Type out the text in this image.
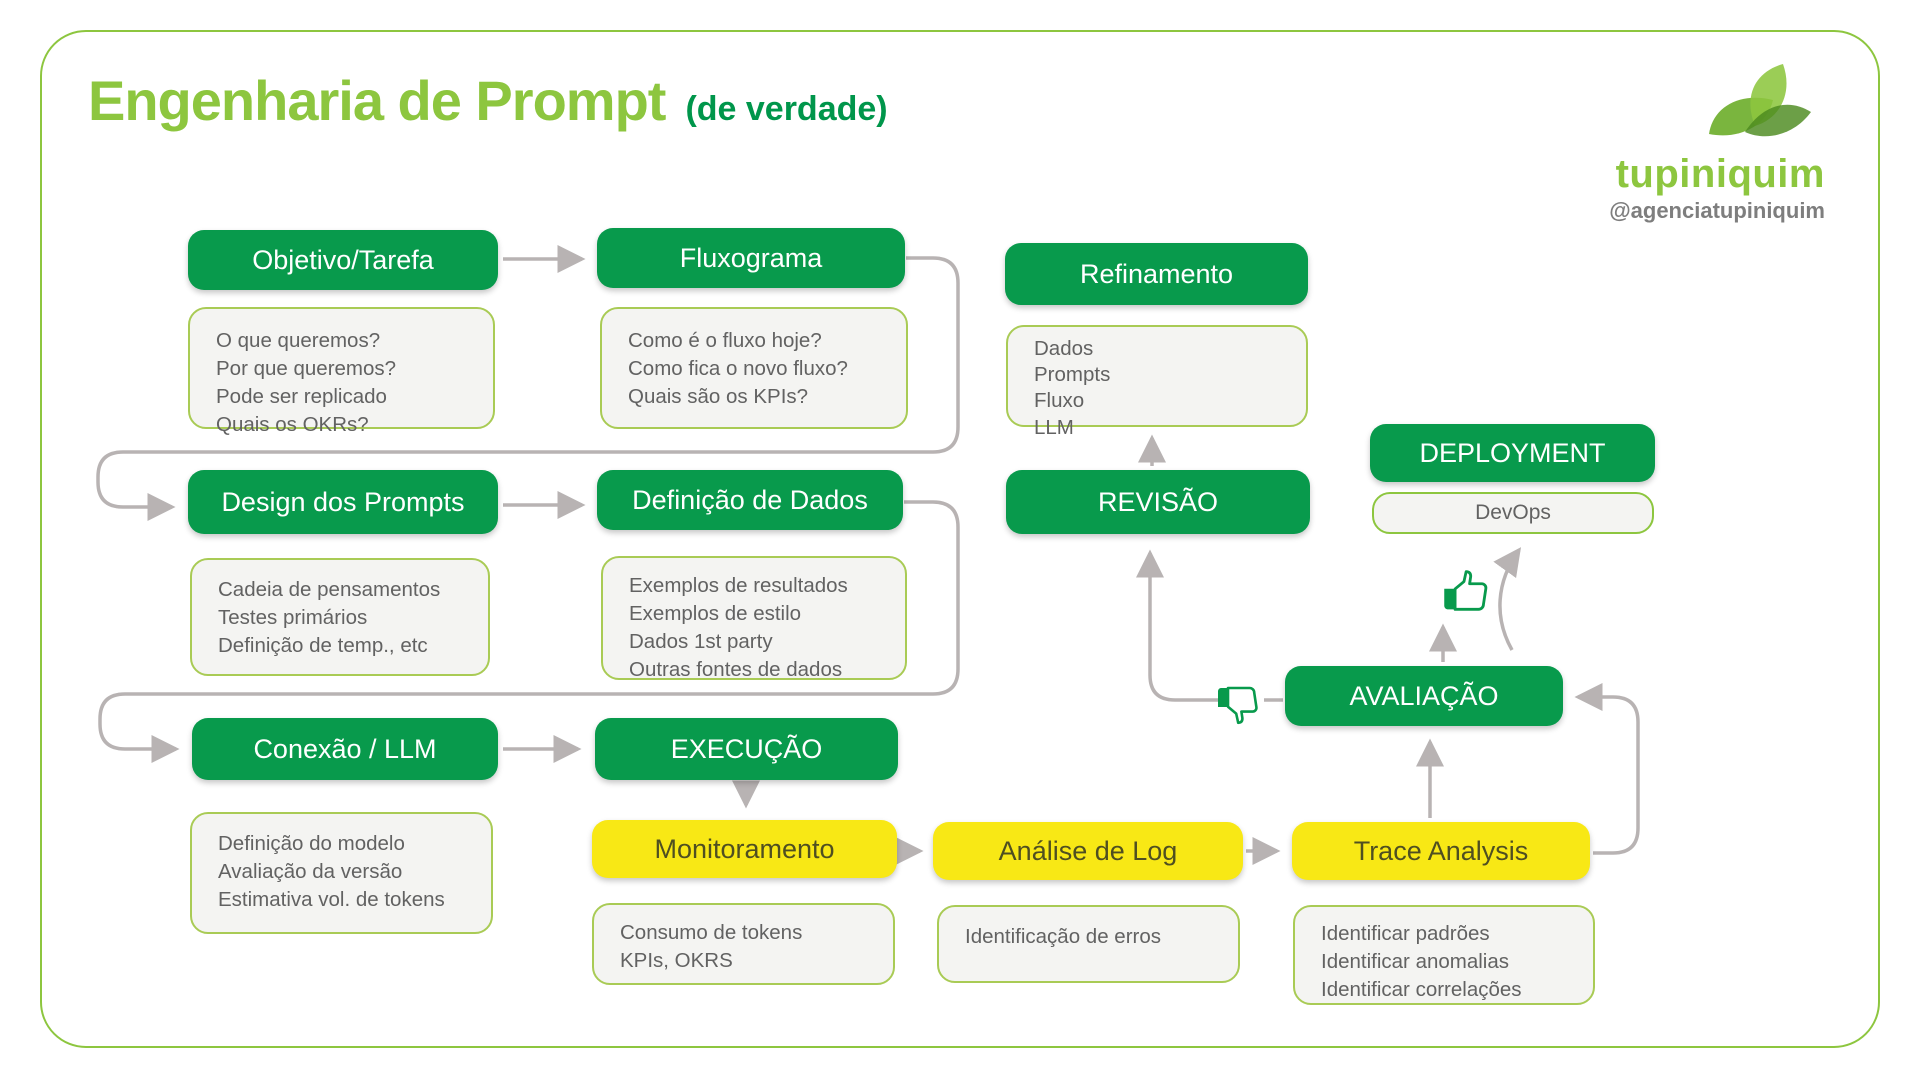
Engenharia de Prompt (de verdade)
tupiniquim
@agenciatupiniquim
Objetivo/Tarefa
O que queremos?
Por que queremos?
Pode ser replicado
Quais os OKRs?
Fluxograma
Como é o fluxo hoje?
Como fica o novo fluxo?
Quais são os KPIs?
Refinamento
Dados
Prompts
Fluxo
LLM
Design dos Prompts
Cadeia de pensamentos
Testes primários
Definição de temp., etc
Definição de Dados
Exemplos de resultados
Exemplos de estilo
Dados 1st party
Outras fontes de dados
REVISÃO
DEPLOYMENT
DevOps
Conexão / LLM
Definição do modelo
Avaliação da versão
Estimativa vol. de tokens
EXECUÇÃO
AVALIAÇÃO
Monitoramento
Consumo de tokens
KPIs, OKRS
Análise de Log
Identificação de erros
Trace Analysis
Identificar padrões
Identificar anomalias
Identificar correlações
